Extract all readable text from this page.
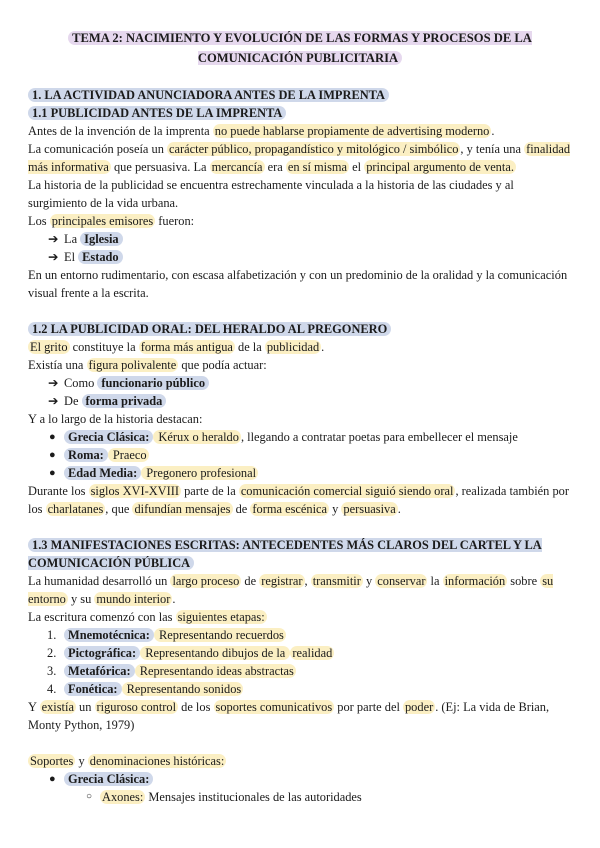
TEMA 2: NACIMIENTO Y EVOLUCIÓN DE LAS FORMAS Y PROCESOS DE LA COMUNICACIÓN PUBLICITARIA

1. LA ACTIVIDAD ANUNCIADORA ANTES DE LA IMPRENTA

1.1 PUBLICIDAD ANTES DE LA IMPRENTA

Antes de la invención de la imprenta no puede hablarse propiamente de advertising moderno .

La comunicación poseía un carácter público, propagandístico y mitológico / simbólico , y tenía una finalidad más informativa que persuasiva. La mercancía era en sí misma el principal argumento de venta.

La historia de la publicidad se encuentra estrechamente vinculada a la historia de las ciudades y al surgimiento de la vida urbana.

Los principales emisores fueron:

➔ La Iglesia
➔ El Estado

En un entorno rudimentario, con escasa alfabetización y con un predominio de la oralidad y la comunicación visual frente a la escrita.

1.2 LA PUBLICIDAD ORAL: DEL HERALDO AL PREGONERO

El grito constituye la forma más antigua de la publicidad .

Existía una figura polivalente que podía actuar:

➔ Como funcionario público
➔ De forma privada

Y a lo largo de la historia destacan:

● Grecia Clásica: Kérux o heraldo , llegando a contratar poetas para embellecer el mensaje
● Roma: Praeco
● Edad Media: Pregonero profesional

Durante los siglos XVI-XVIII parte de la comunicación comercial siguió siendo oral , realizada también por los charlatanes , que difundían mensajes de forma escénica y persuasiva .

1.3 MANIFESTACIONES ESCRITAS: ANTECEDENTES MÁS CLAROS DEL CARTEL Y LA COMUNICACIÓN PÚBLICA

La humanidad desarrolló un largo proceso de registrar , transmitir y conservar la información sobre su entorno y su mundo interior .

La escritura comenzó con las siguientes etapas:

1. Mnemotécnica: Representando recuerdos
2. Pictográfica: Representando dibujos de la realidad
3. Metafórica: Representando ideas abstractas
4. Fonética: Representando sonidos

Y existía un riguroso control de los soportes comunicativos por parte del poder . (Ej: La vida de Brian, Monty Python, 1979)

Soportes y denominaciones históricas:

● Grecia Clásica:
○ Axones: Mensajes institucionales de las autoridades
